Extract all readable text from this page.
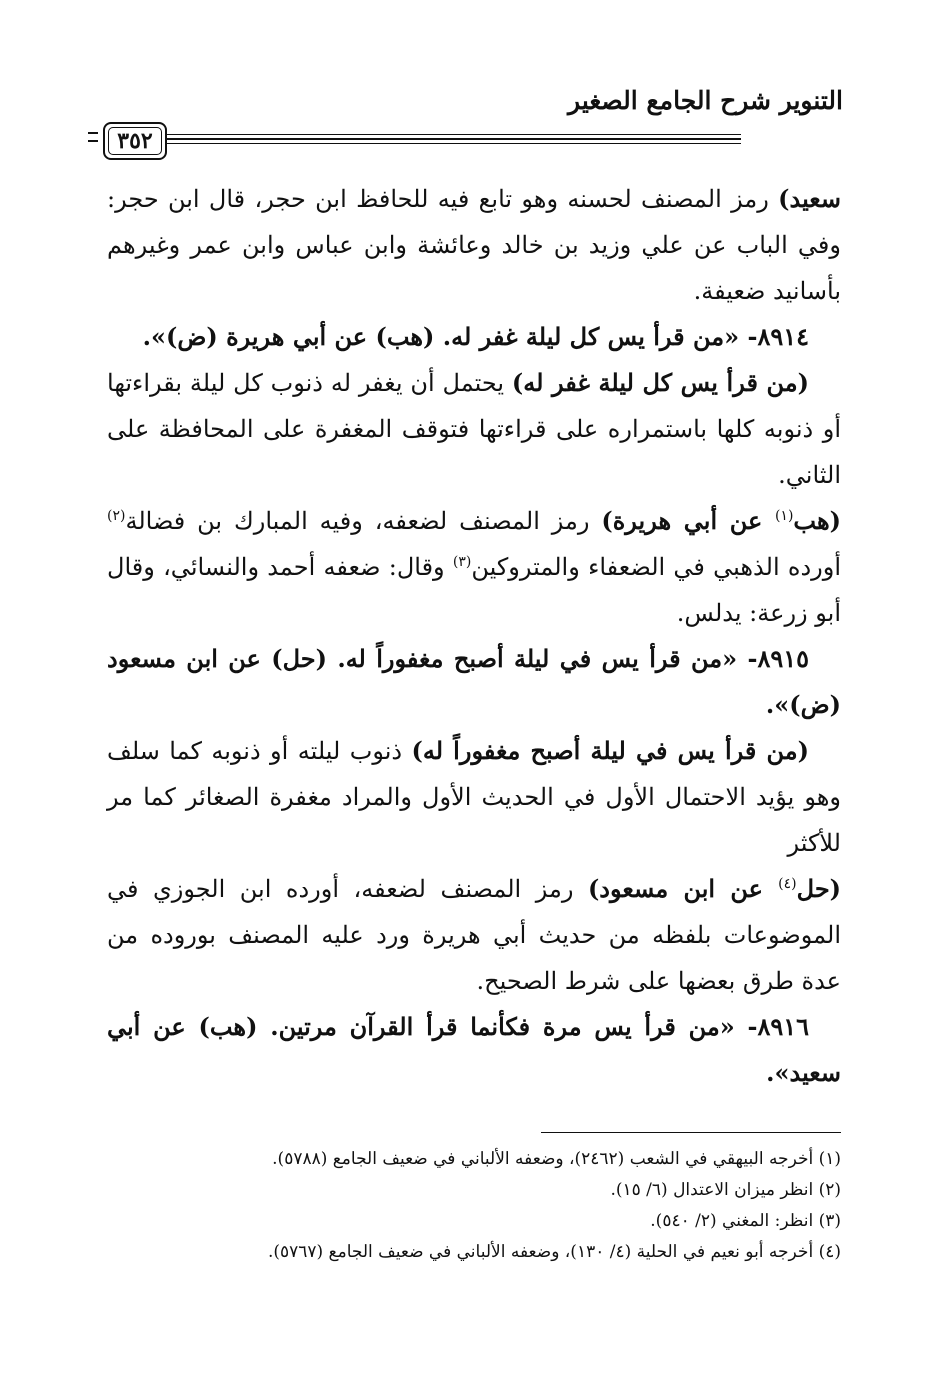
التنوير شرح الجامع الصغير
٣٥٢

سعيد) رمز المصنف لحسنه وهو تابع فيه للحافظ ابن حجر، قال ابن حجر: وفي الباب عن علي وزيد بن خالد وعائشة وابن عباس وابن عمر وغيرهم بأسانيد ضعيفة.

٨٩١٤- «من قرأ يس كل ليلة غفر له. (هب) عن أبي هريرة (ض)».

(من قرأ يس كل ليلة غفر له) يحتمل أن يغفر له ذنوب كل ليلة بقراءتها أو ذنوبه كلها باستمراره على قراءتها فتوقف المغفرة على المحافظة على الثاني.

(هب$^{(١)}$ عن أبي هريرة) رمز المصنف لضعفه، وفيه المبارك بن فضالة$^{(٢)}$ أورده الذهبي في الضعفاء والمتروكين$^{(٣)}$ وقال: ضعفه أحمد والنسائي، وقال أبو زرعة: يدلس.

٨٩١٥- «من قرأ يس في ليلة أصبح مغفوراً له. (حل) عن ابن مسعود (ض)».

(من قرأ يس في ليلة أصبح مغفوراً له) ذنوب ليلته أو ذنوبه كما سلف وهو يؤيد الاحتمال الأول في الحديث الأول والمراد مغفرة الصغائر كما مر للأكثر

(حل$^{(٤)}$ عن ابن مسعود) رمز المصنف لضعفه، أورده ابن الجوزي في الموضوعات بلفظه من حديث أبي هريرة ورد عليه المصنف بوروده من عدة طرق بعضها على شرط الصحيح.

٨٩١٦- «من قرأ يس مرة فكأنما قرأ القرآن مرتين. (هب) عن أبي سعيد».

(١) أخرجه البيهقي في الشعب (٢٤٦٢)، وضعفه الألباني في ضعيف الجامع (٥٧٨٨).
(٢) انظر ميزان الاعتدال (٦/ ١٥).
(٣) انظر: المغني (٢/ ٥٤٠).
(٤) أخرجه أبو نعيم في الحلية (٤/ ١٣٠)، وضعفه الألباني في ضعيف الجامع (٥٧٦٧).
